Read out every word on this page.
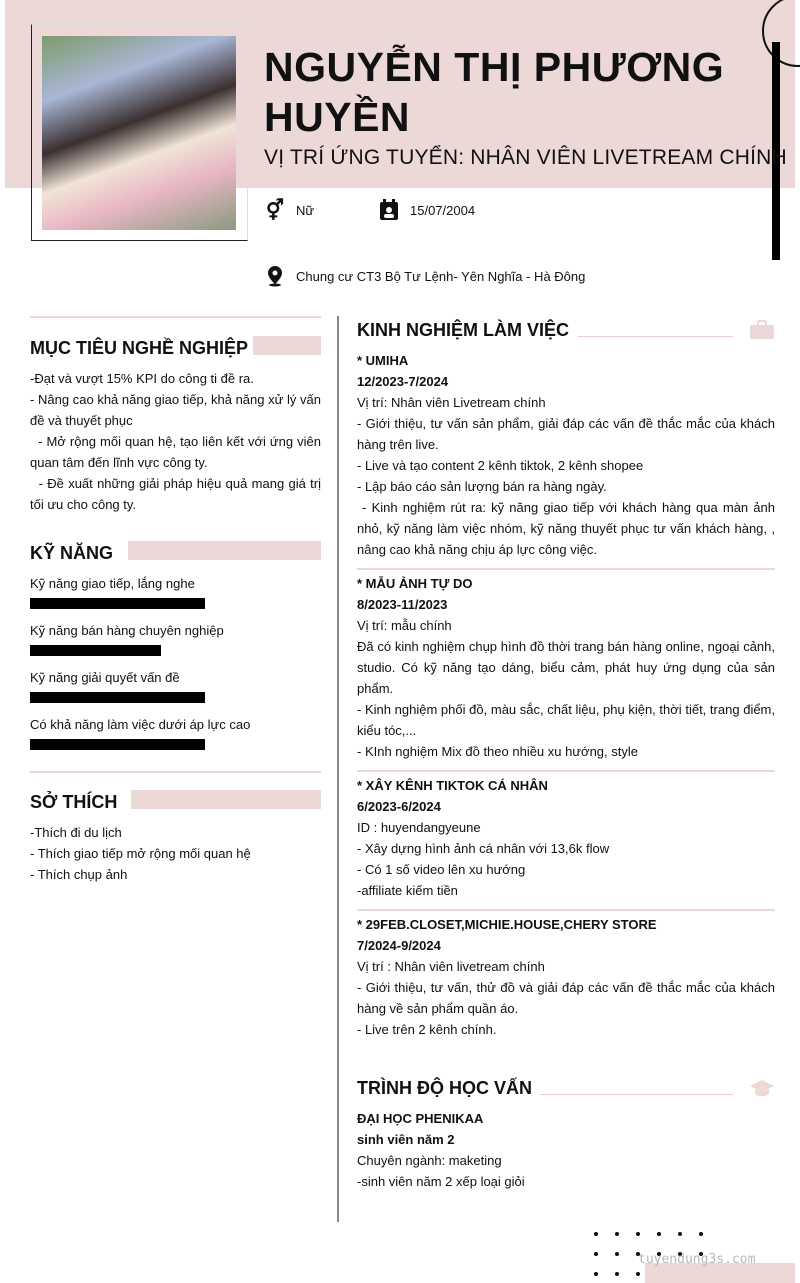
NGUYỄN THỊ PHƯƠNG HUYỀN
VỊ TRÍ ỨNG TUYỂN: NHÂN VIÊN LIVETREAM CHÍNH
⚥ Nữ	15/07/2004
Chung cư CT3 Bộ Tư Lệnh- Yên Nghĩa - Hà Đông
MỤC TIÊU NGHỀ NGHIỆP
-Đạt và vượt 15% KPI do công ti đề ra.
- Nâng cao khả năng giao tiếp, khả năng xử lý vấn đề và thuyết phục
- Mở rộng mối quan hệ, tạo liên kết với ứng viên quan tâm đến lĩnh vực công ty.
- Đề xuất những giải pháp hiệu quả mang giá trị tối ưu cho công ty.
KỸ NĂNG
Kỹ năng giao tiếp, lắng nghe
Kỹ năng bán hàng chuyên nghiệp
Kỹ năng giải quyết vấn đề
Có khả năng làm việc dưới áp lực cao
SỞ THÍCH
-Thích đi du lịch
- Thích giao tiếp mở rộng mối quan hệ
- Thích chụp ảnh
KINH NGHIỆM LÀM VIỆC
* UMIHA
12/2023-7/2024
Vị trí: Nhân viên Livetream chính
- Giới thiệu, tư vấn sản phẩm, giải đáp các vấn đề thắc mắc của khách hàng trên live.
- Live và tạo content 2 kênh tiktok, 2 kênh shopee
- Lập báo cáo sản lượng bán ra hàng ngày.
- Kinh nghiệm rút ra: kỹ năng giao tiếp với khách hàng qua màn ảnh nhỏ, kỹ năng làm việc nhóm, kỹ năng thuyết phục tư vấn khách hàng, , nâng cao khả năng chịu áp lực công việc.
* MẪU ẢNH TỰ DO
8/2023-11/2023
Vị trí: mẫu chính
Đã có kinh nghiệm chụp hình đồ thời trang bán hàng online, ngoại cảnh, studio. Có kỹ năng tạo dáng, biểu cảm, phát huy ứng dụng của sản phẩm.
- Kinh nghiệm phối đồ, màu sắc, chất liệu, phụ kiện, thời tiết, trang điểm, kiểu tóc,...
- KInh nghiệm Mix đồ theo nhiều xu hướng, style
* XÂY KÊNH TIKTOK CÁ NHÂN
6/2023-6/2024
ID : huyendangyeune
- Xây dựng hình ảnh cá nhân với 13,6k flow
- Có 1 số video lên xu hướng
-affiliate kiếm tiền
* 29FEB.CLOSET,MICHIE.HOUSE,CHERY STORE
7/2024-9/2024
Vị trí : Nhân viên livetream chính
- Giới thiệu, tư vấn, thử đồ và giải đáp các vấn đề thắc mắc của khách hàng về sản phẩm quần áo.
- Live trên 2 kênh chính.
TRÌNH ĐỘ HỌC VẤN
ĐẠI HỌC PHENIKAA
sinh viên năm 2
Chuyên ngành: maketing
-sinh viên năm 2 xếp loại giỏi
tuyendung3s.com
